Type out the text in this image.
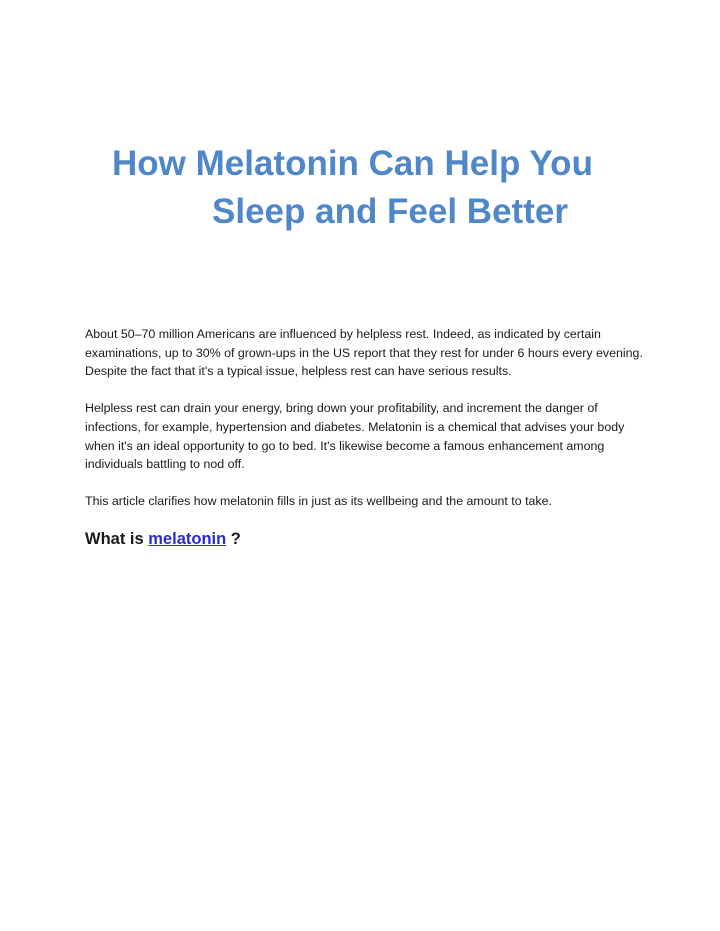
How Melatonin Can Help You
Sleep and Feel Better

About 50–70 million Americans are influenced by helpless rest. Indeed, as indicated by certain examinations, up to 30% of grown-ups in the US report that they rest for under 6 hours every evening. Despite the fact that it's a typical issue, helpless rest can have serious results.

Helpless rest can drain your energy, bring down your profitability, and increment the danger of infections, for example, hypertension and diabetes. Melatonin is a chemical that advises your body when it's an ideal opportunity to go to bed. It's likewise become a famous enhancement among individuals battling to nod off.

This article clarifies how melatonin fills in just as its wellbeing and the amount to take.

What is melatonin ?
